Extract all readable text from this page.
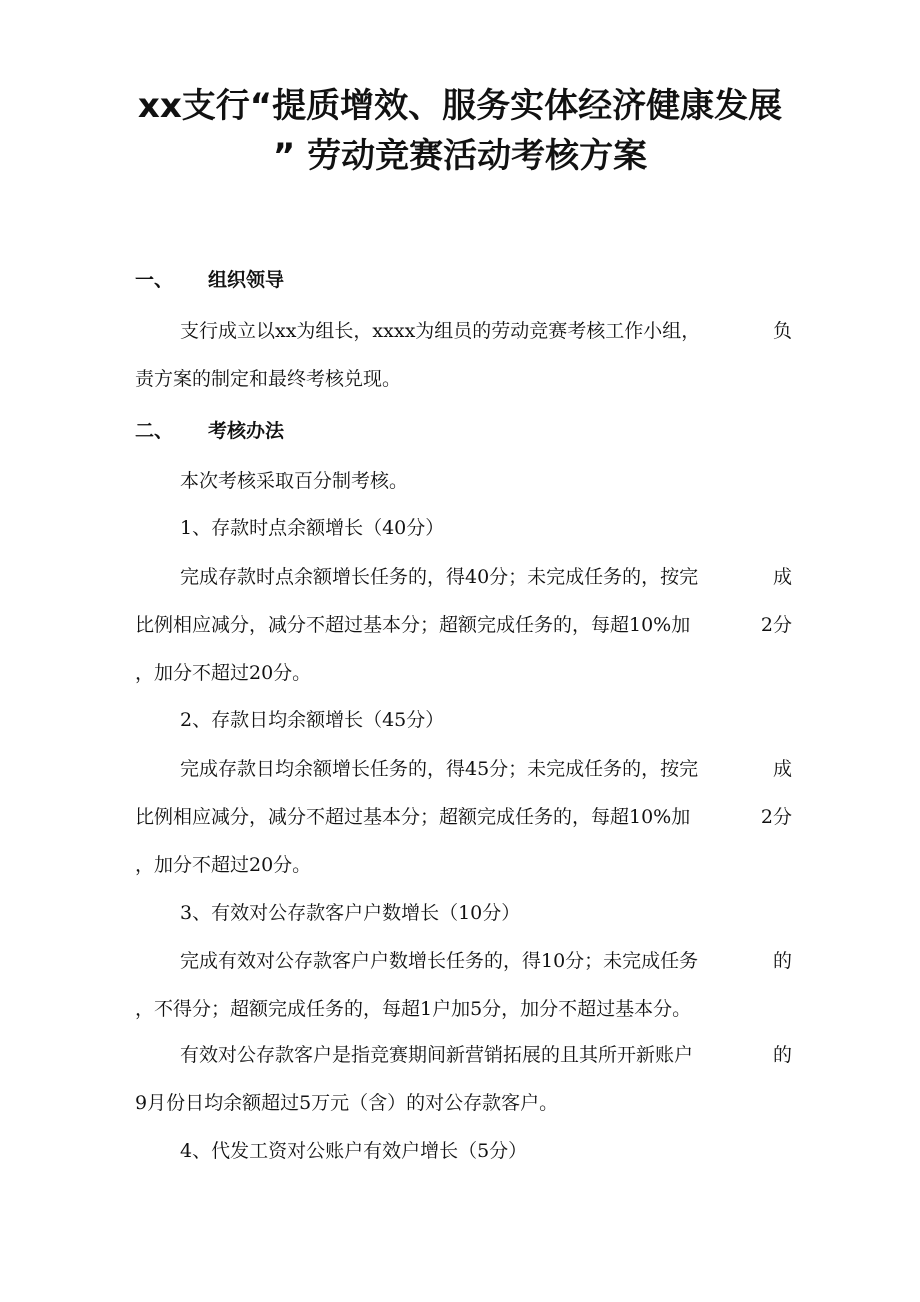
xx支行“提质增效、服务实体经济健康发展
” 劳动竞赛活动考核方案
一、 组织领导
支行成立以xx为组长，xxxx为组员的劳动竞赛考核工作小组，	负
责方案的制定和最终考核兑现。
二、 考核办法
本次考核采取百分制考核。
1、存款时点余额增长（40分）
完成存款时点余额增长任务的，得40分；未完成任务的，按完	成
比例相应减分，减分不超过基本分；超额完成任务的，每超10%加	2分
，加分不超过20分。
2、存款日均余额增长（45分）
完成存款日均余额增长任务的，得45分；未完成任务的，按完	成
比例相应减分，减分不超过基本分；超额完成任务的，每超10%加	2分
，加分不超过20分。
3、有效对公存款客户户数增长（10分）
完成有效对公存款客户户数增长任务的，得10分；未完成任务	的
，不得分；超额完成任务的，每超1户加5分，加分不超过基本分。
有效对公存款客户是指竞赛期间新营销拓展的且其所开新账户	的
9月份日均余额超过5万元（含）的对公存款客户。
4、代发工资对公账户有效户增长（5分）
